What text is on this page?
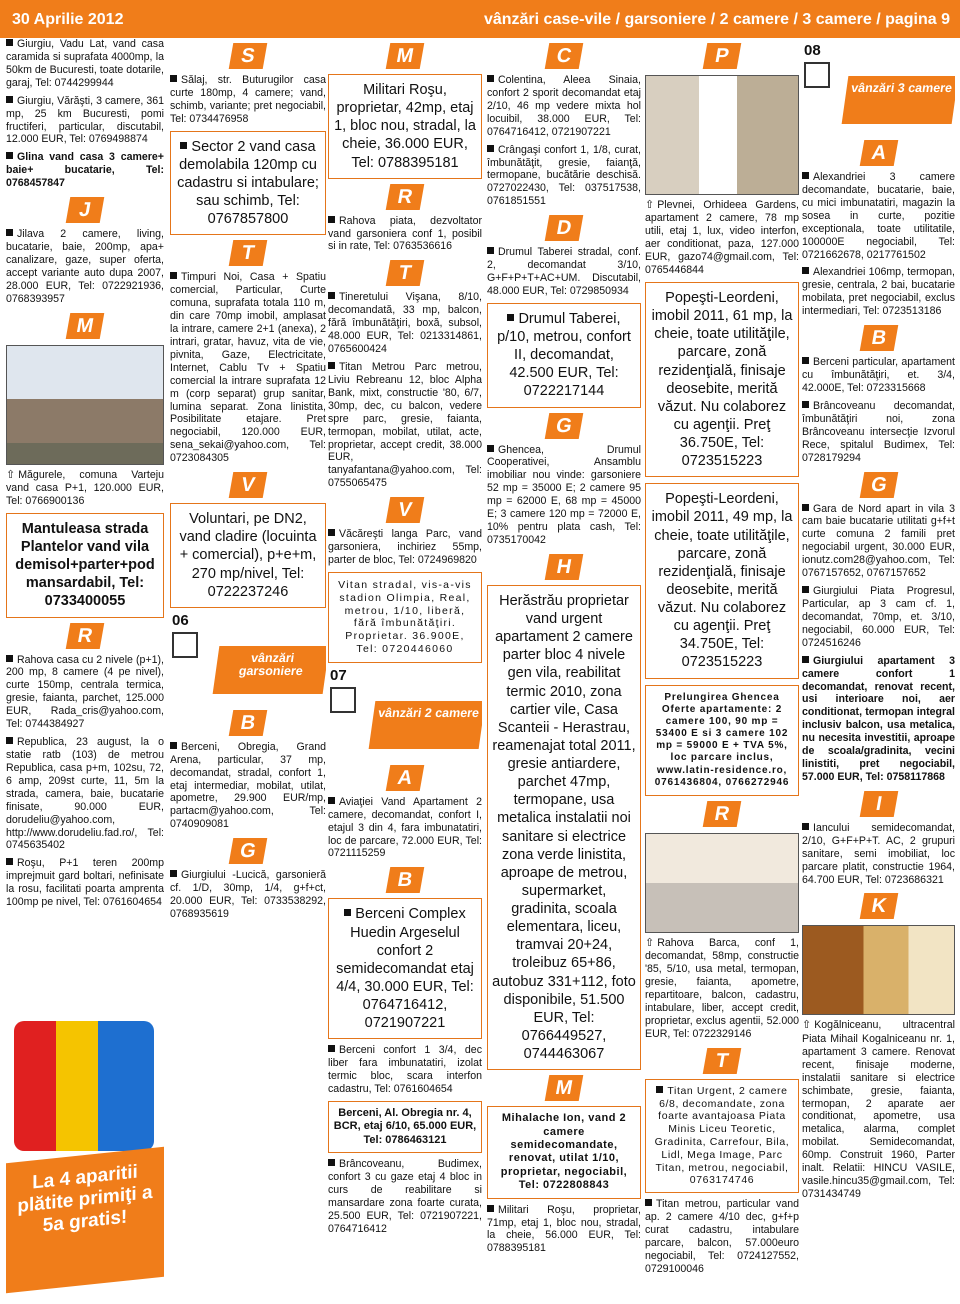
30 Aprilie 2012	vânzări case-vile / garsoniere / 2 camere / 3 camere / pagina 9

Giurgiu, Vadu Lat, vand casa caramida si suprafata 4000mp, la 50km de Bucuresti, toate dotarile, garaj, Tel: 0744299944

Giurgiu, Vărăşti, 3 camere, 361 mp, 25 km Bucuresti, pomi fructiferi, particular, discutabil, 12.000 EUR, Tel: 0769498874

Glina vand casa 3 camere+ baie+ bucatarie, Tel: 0768457847

J

Jilava 2 camere, living, bucatarie, baie, 200mp, apa+ canalizare, gaze, super oferta, accept variante auto dupa 2007, 28.000 EUR, Tel: 0722921936, 0768393957

M

⇧ Măgurele, comuna Varteju vand casa P+1, 120.000 EUR, Tel: 0766900136

Mantuleasa strada Plantelor vand vila demisol+parter+pod mansardabil, Tel: 0733400055
R

Rahova casa cu 2 nivele (p+1), 200 mp, 8 camere (4 pe nivel), curte 150mp, centrala termica, gresie, faianta, parchet, 125.000 EUR, Rada_cris@yahoo.com, Tel: 0744384927

Republica, 23 august, la o statie ratb (103) de metrou Republica, casa p+m, 102su, 72, 6 amp, 209st curte, 11, 5m la strada, camera, baie, bucatarie finisate, 90.000 EUR, dorudeliu@yahoo.com, http://www.dorudeliu.fad.ro/, Tel: 0745635402

Roşu, P+1 teren 200mp imprejmuit gard boltari, nefinisate la rosu, facilitati poarta amprenta 100mp pe nivel, Tel: 0761604654

La 4 aparitii plătite primiţi a 5a gratis!
S

Sălaj, str. Buturugilor casa curte 180mp, 4 camere; vand, schimb, variante; pret negociabil, Tel: 0734476958

Sector 2 vand casa demolabila 120mp cu cadastru si intabulare; sau schimb, Tel: 0767857800
T

Timpuri Noi, Casa + Spatiu comercial, Particular, Curte comuna, suprafata totala 110 m, din care 70mp imobil, amplasat la intrare, camere 2+1 (anexa), 2 intrari, gratar, havuz, vita de vie, pivnita, Gaze, Electricitate, Internet, Cablu Tv + Spatiu comercial la intrare suprafata 12 m (corp separat) grup sanitar, lumina separat. Zona linistita, Posibilitate etajare. Pret negociabil, 120.000 EUR, sena_sekai@yahoo.com, Tel: 0723084305

V
Voluntari, pe DN2, vand cladire (locuinta + comercial), p+e+m, 270 mp/nivel, Tel: 0722237246
06
vânzări garsoniere
B

Berceni, Obregia, Grand Arena, particular, 37 mp, decomandat, stradal, confort 1, etaj intermediar, mobilat, utilat, apometre, 29.900 EUR/mp, partacm@yahoo.com, Tel: 0740909081

G

Giurgiului -Lucică, garsonieră cf. 1/D, 30mp, 1/4, g+f+ct, 20.000 EUR, Tel: 0733538292, 0768935619

M
Militari Roşu, proprietar, 42mp, etaj 1, bloc nou, stradal, la cheie, 36.000 EUR, Tel: 0788395181
R

Rahova piata, dezvoltator vand garsoniera conf 1, posibil si in rate, Tel: 0763536616

T

Tineretului Vişana, 8/10, decomandată, 33 mp, balcon, fără îmbunătăţiri, boxă, subsol, 48.000 EUR, Tel: 0213314861, 0765600424

Titan Metrou Parc metrou, Liviu Rebreanu 12, bloc Alpha Bank, mixt, constructie '80, 6/7, 30mp, dec, cu balcon, vedere spre parc, gresie, faianta, termopan, mobilat, utilat, acte, proprietar, accept credit, 38.000 EUR, tanyafantana@yahoo.com, Tel: 0755065475

V

Văcăreşti langa Parc, vand garsoniera, inchiriez 55mp, parter de bloc, Tel: 0724969820

Vitan stradal, vis-a-vis stadion Olimpia, Real, metrou, 1/10, liberă, fără îmbunătăţiri. Proprietar. 36.900E, Tel: 0720446060
07
vânzări 2 camere
A

Aviaţiei Vand Apartament 2 camere, decomandat, confort I, etajul 3 din 4, fara imbunatatiri, loc de parcare, 72.000 EUR, Tel: 0721115259

B
Berceni Complex Huedin Argeselul confort 2 semidecomandat etaj 4/4, 30.000 EUR, Tel: 0764716412, 0721907221

Berceni confort 1 3/4, dec liber fara imbunatatiri, izolat termic bloc, scara interfon cadastru, Tel: 0761604654

Berceni, Al. Obregia nr. 4, BCR, etaj 6/10, 65.000 EUR, Tel: 0786463121

Brâncoveanu, Budimex, confort 3 cu gaze etaj 4 bloc in curs de reabilitare si mansardare zona foarte curata, 25.500 EUR, Tel: 0721907221, 0764716412

C

Colentina, Aleea Sinaia, confort 2 sporit decomandat etaj 2/10, 46 mp vedere mixta hol locuibil, 38.000 EUR, Tel: 0764716412, 0721907221

Crângaşi confort 1, 1/8, curat, îmbunătăţit, gresie, faianţă, termopane, bucătărie deschisă. 0727022430, Tel: 037517538, 0761851551

D

Drumul Taberei stradal, conf. 2, decomandat 3/10, G+F+P+T+AC+UM. Discutabil, 48.000 EUR, Tel: 0729850934

Drumul Taberei, p/10, metrou, confort II, decomandat, 42.500 EUR, Tel: 0722217144
G

Ghencea, Drumul Cooperativei, Ansamblu imobiliar nou vinde: garsoniere 52 mp = 35000 E; 2 camere 95 mp = 62000 E, 68 mp = 45000 E; 3 camere 120 mp = 72000 E, 10% pentru plata cash, Tel: 0735170042

H
Herăstrău proprietar vand urgent apartament 2 camere parter bloc 4 nivele gen vila, reabilitat termic 2010, zona cartier vile, Casa Scanteii - Herastrau, reamenajat total 2011, gresie antiardere, parchet 47mp, termopane, usa metalica instalatii noi sanitare si electrice zona verde linistita, aproape de metrou, supermarket, gradinita, scoala elementara, liceu, tramvai 20+24, troleibuz 65+86, autobuz 331+112, foto disponibile, 51.500 EUR, Tel: 0766449527, 0744463067
M
Mihalache Ion, vand 2 camere semidecomandate, renovat, utilat 1/10, proprietar, negociabil, Tel: 0722808843

Militari Roşu, proprietar, 71mp, etaj 1, bloc nou, stradal, la cheie, 56.000 EUR, Tel: 0788395181

P

⇧ Plevnei, Orhideea Gardens, apartament 2 camere, 78 mp utili, etaj 1, lux, video interfon, aer conditionat, paza, 127.000 EUR, gazo74@gmail.com, Tel: 0765446844

Popeşti-Leordeni, imobil 2011, 61 mp, la cheie, toate utilităţile, parcare, zonă rezidenţială, finisaje deosebite, merită văzut. Nu colaborez cu agenţii. Preţ 36.750E, Tel: 0723515223
Popeşti-Leordeni, imobil 2011, 49 mp, la cheie, toate utilităţile, parcare, zonă rezidenţială, finisaje deosebite, merită văzut. Nu colaborez cu agenţii. Preţ 34.750E, Tel: 0723515223
Prelungirea Ghencea Oferte apartamente: 2 camere 100, 90 mp = 53400 E si 3 camere 102 mp = 59000 E + TVA 5%, loc parcare inclus, www.latin-residence.ro, 0761436804, 0766272946
R

⇧ Rahova Barca, conf 1, decomandat, 58mp, constructie '85, 5/10, usa metal, termopan, gresie, faianta, apometre, repartitoare, balcon, cadastru, intabulare, liber, accept credit, proprietar, exclus agentii, 52.000 EUR, Tel: 0722329146

T
Titan Urgent, 2 camere 6/8, decomandate, zona foarte avantajoasa Piata Minis Liceu Teoretic, Gradinita, Carrefour, Bila, Lidl, Mega Image, Parc Titan, metrou, negociabil, 0763174746

Titan metrou, particular vand ap. 2 camere 4/10 dec, g+f+p curat cadastru, intabulare parcare, balcon, 57.000euro negociabil, Tel: 0724127552, 0729100046

08
vânzări 3 camere
A

Alexandriei 3 camere decomandate, bucatarie, baie, cu mici imbunatatiri, magazin la sosea in curte, pozitie exceptionala, toate utilitatile, 100000E negociabil, Tel: 0721662678, 0217761502

Alexandriei 106mp, termopan, gresie, centrala, 2 bai, bucatarie mobilata, pret negociabil, exclus intermediari, Tel: 0723513186

B

Berceni particular, apartament cu îmbunătăţiri, et. 3/4, 42.000E, Tel: 0723315668

Brâncoveanu decomandat, îmbunătăţiri noi, zona Brâncoveanu intersecţie Izvorul Rece, spitalul Budimex, Tel: 0728179294

G

Gara de Nord apart in vila 3 cam baie bucatarie utilitati g+f+t curte comuna 2 famili pret negociabil urgent, 30.000 EUR, ionutz.com28@yahoo.com, Tel: 0767157652, 0767157652

Giurgiului Piata Progresul, Particular, ap 3 cam cf. 1, decomandat, 70mp, et. 3/10, negociabil, 60.000 EUR, Tel: 0724516246

Giurgiului apartament 3 camere confort 1 decomandat, renovat recent, usi interioare noi, aer conditionat, termopan integral inclusiv balcon, usa metalica, nu necesita investitii, aproape de scoala/gradinita, vecini linistiti, pret negociabil, 57.000 EUR, Tel: 0758117868

I

Iancului semidecomandat, 2/10, G+F+P+T. AC, 2 grupuri sanitare, semi imobiliat, loc parcare platit, constructie 1964, 64.700 EUR, Tel: 0723686321

K

⇧ Kogălniceanu, ultracentral Piata Mihail Kogalniceanu nr. 1, apartament 3 camere. Renovat recent, finisaje moderne, instalatii sanitare si electrice schimbate, gresie, faianta, termopan, 2 aparate aer conditionat, apometre, usa metalica, alarma, complet mobilat. Semidecomandat, 60mp. Construit 1960, Parter inalt. Relatii: HINCU VASILE, vasile.hincu35@gmail.com, Tel: 0731434749
